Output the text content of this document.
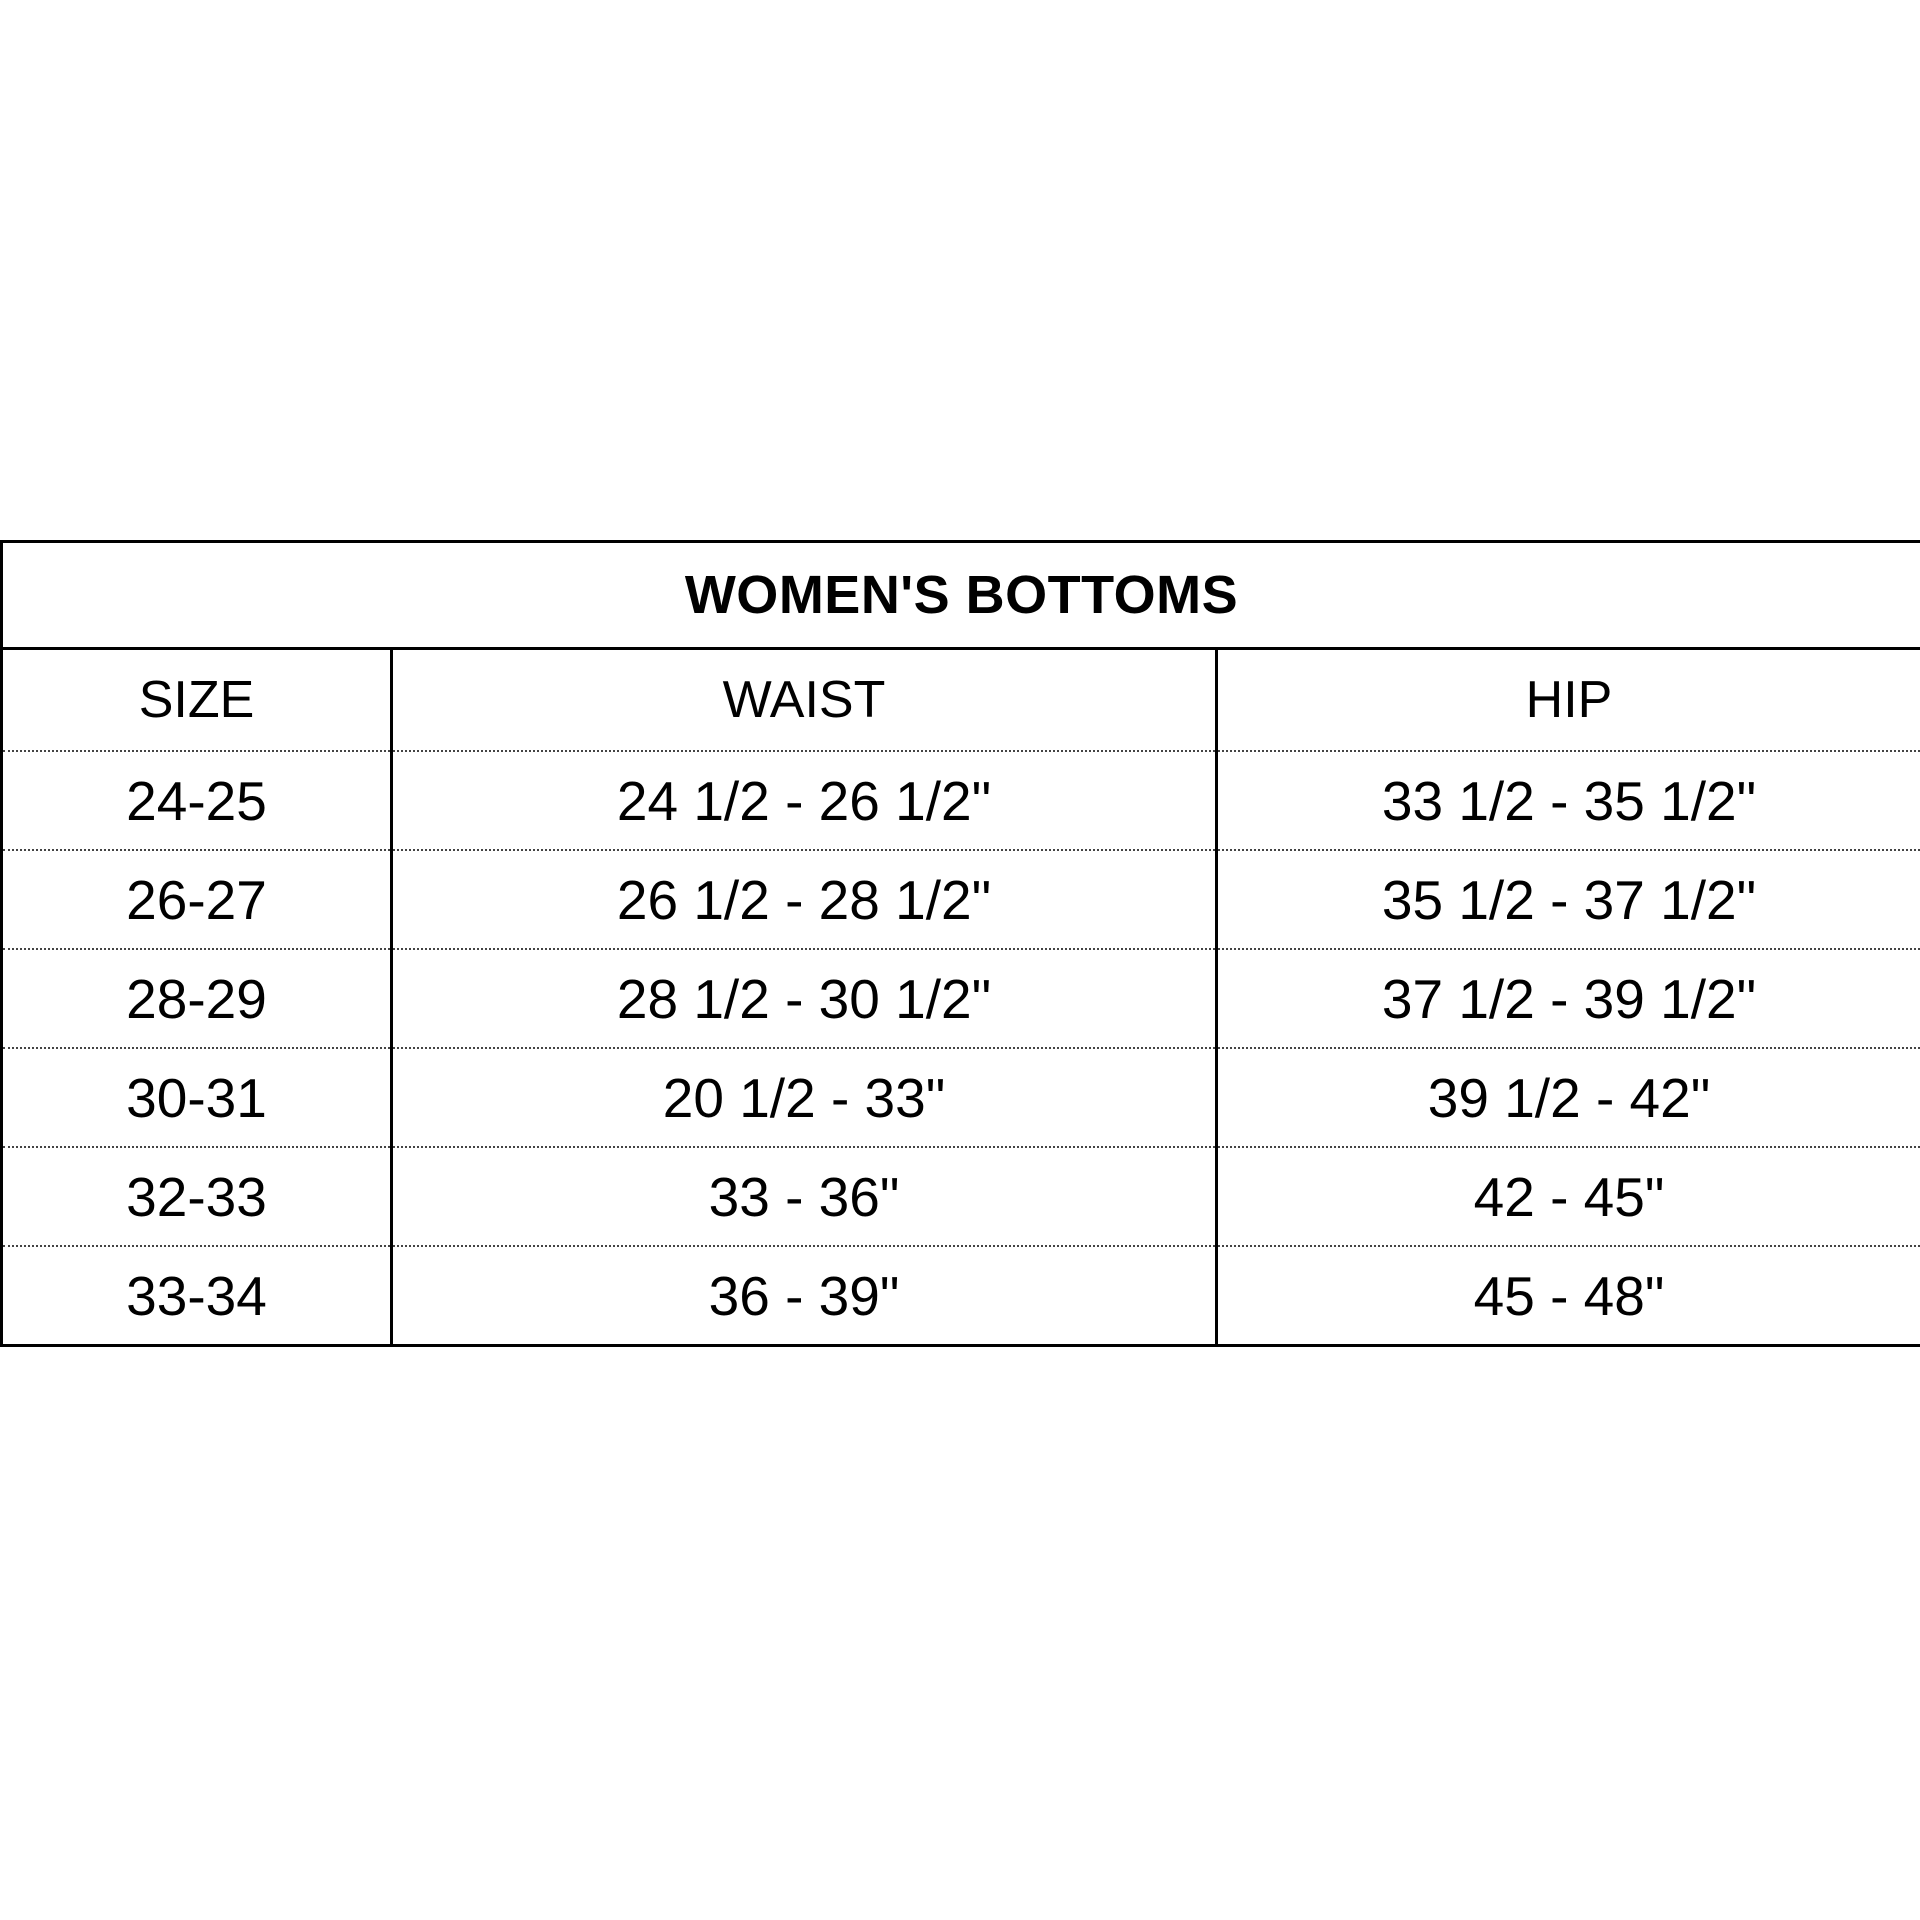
WOMEN'S BOTTOMS		
SIZE	WAIST	HIP
24-25	24 1/2 - 26 1/2"	33 1/2 - 35 1/2"
26-27	26 1/2 - 28 1/2"	35 1/2 - 37 1/2"
28-29	28 1/2 - 30 1/2"	37 1/2 - 39 1/2"
30-31	20 1/2 - 33"	39 1/2 - 42"
32-33	33 - 36"	42 - 45"
33-34	36 - 39"	45 - 48"
